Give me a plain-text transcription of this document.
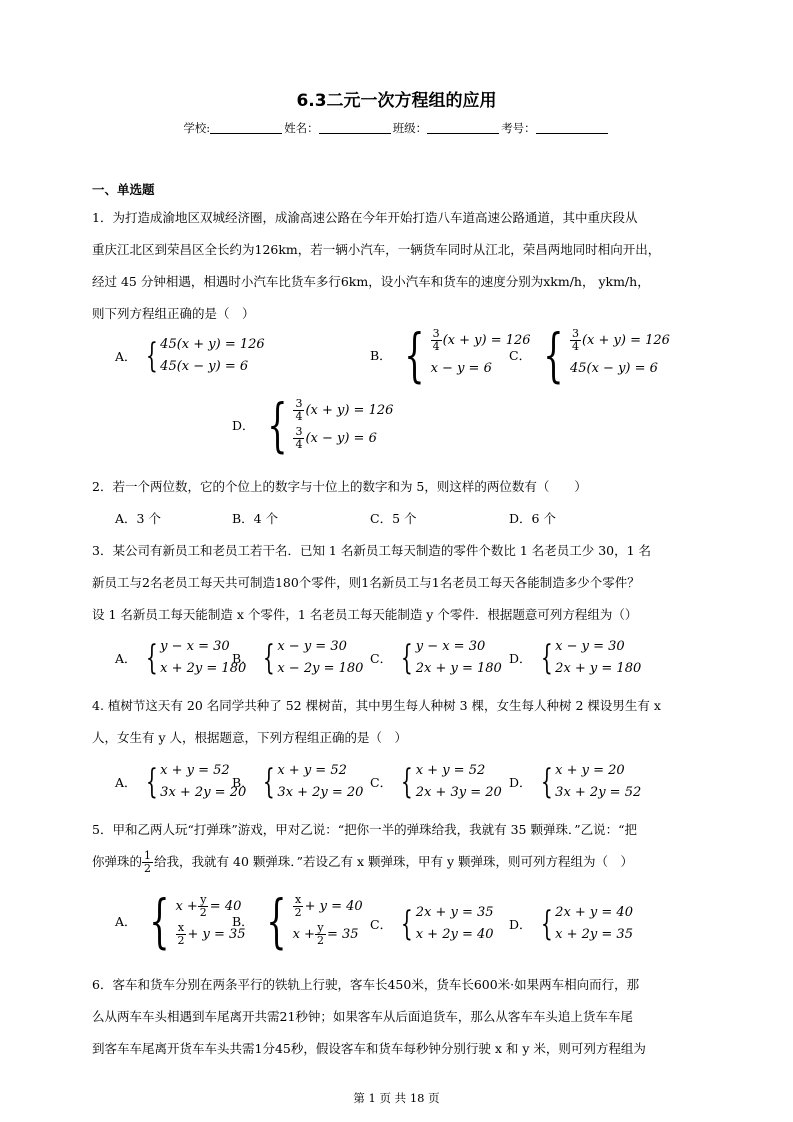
6.3二元一次方程组的应用
学校:	姓名：	班级：	考号：
一、单选题
1．为打造成渝地区双城经济圈，成渝高速公路在今年开始打造八车道高速公路通道，其中重庆段从
重庆江北区到荣昌区全长约为126km，若一辆小汽车，一辆货车同时从江北，荣昌两地同时相向开出，
经过 45 分钟相遇，相遇时小汽车比货车多行6km，设小汽车和货车的速度分别为xkm/h， ykm/h，
则下列方程组正确的是（　）
A． { 45(x + y) = 126
45(x − y) = 6
B． { $\frac{3}{4} (x + y) = 126$
x − y = 6
C． { $\frac{3}{4} (x + y) = 126$
45(x − y) = 6
D． { $\frac{3}{4} (x + y) = 126$
$\frac{3}{4} (x - y) = 6$
2．若一个两位数，它的个位上的数字与十位上的数字和为 5，则这样的两位数有（　　）
A．3 个	B．4 个	C．5 个	D．6 个
3．某公司有新员工和老员工若干名．已知 1 名新员工每天制造的零件个数比 1 名老员工少 30，1 名
新员工与2名老员工每天共可制造180个零件，则1名新员工与1名老员工每天各能制造多少个零件？
设 1 名新员工每天能制造 x 个零件，1 名老员工每天能制造 y 个零件．根据题意可列方程组为（）
A． { y − x = 30
x + 2y = 180
B． { x − y = 30
x − 2y = 180
C． { y − x = 30
2x + y = 180
D． { x − y = 30
2x + y = 180
4. 植树节这天有 20 名同学共种了 52 棵树苗，其中男生每人种树 3 棵，女生每人种树 2 棵设男生有 x
人，女生有 y 人，根据题意，下列方程组正确的是（　）
A． { x + y = 52
3x + 2y = 20
B． { x + y = 52
3x + 2y = 20
C． { x + y = 52
2x + 3y = 20
D． { x + y = 20
3x + 2y = 52
5．甲和乙两人玩“打弹珠”游戏，甲对乙说：“把你一半的弹珠给我，我就有 35 颗弹珠．”乙说：“把
你弹珠的 $\frac{1}{2}$ 给我，我就有 40 颗弹珠．”若设乙有 x 颗弹珠，甲有 y 颗弹珠，则可列方程组为（　）
A． { $x + \frac{y}{2} = 40$
$\frac{x}{2} + y = 35$
B． { $\frac{x}{2} + y = 40$
$x + \frac{y}{2} = 35$
C． { 2x + y = 35
x + 2y = 40
D． { 2x + y = 40
x + 2y = 35
6．客车和货车分别在两条平行的铁轨上行驶，客车长450米，货车长600米·如果两车相向而行，那
么从两车车头相遇到车尾离开共需21秒钟；如果客车从后面追货车，那么从客车车头追上货车车尾
到客车车尾离开货车车头共需1分45秒，假设客车和货车每秒钟分别行驶 x 和 y 米，则可列方程组为
第 1 页 共 18 页
